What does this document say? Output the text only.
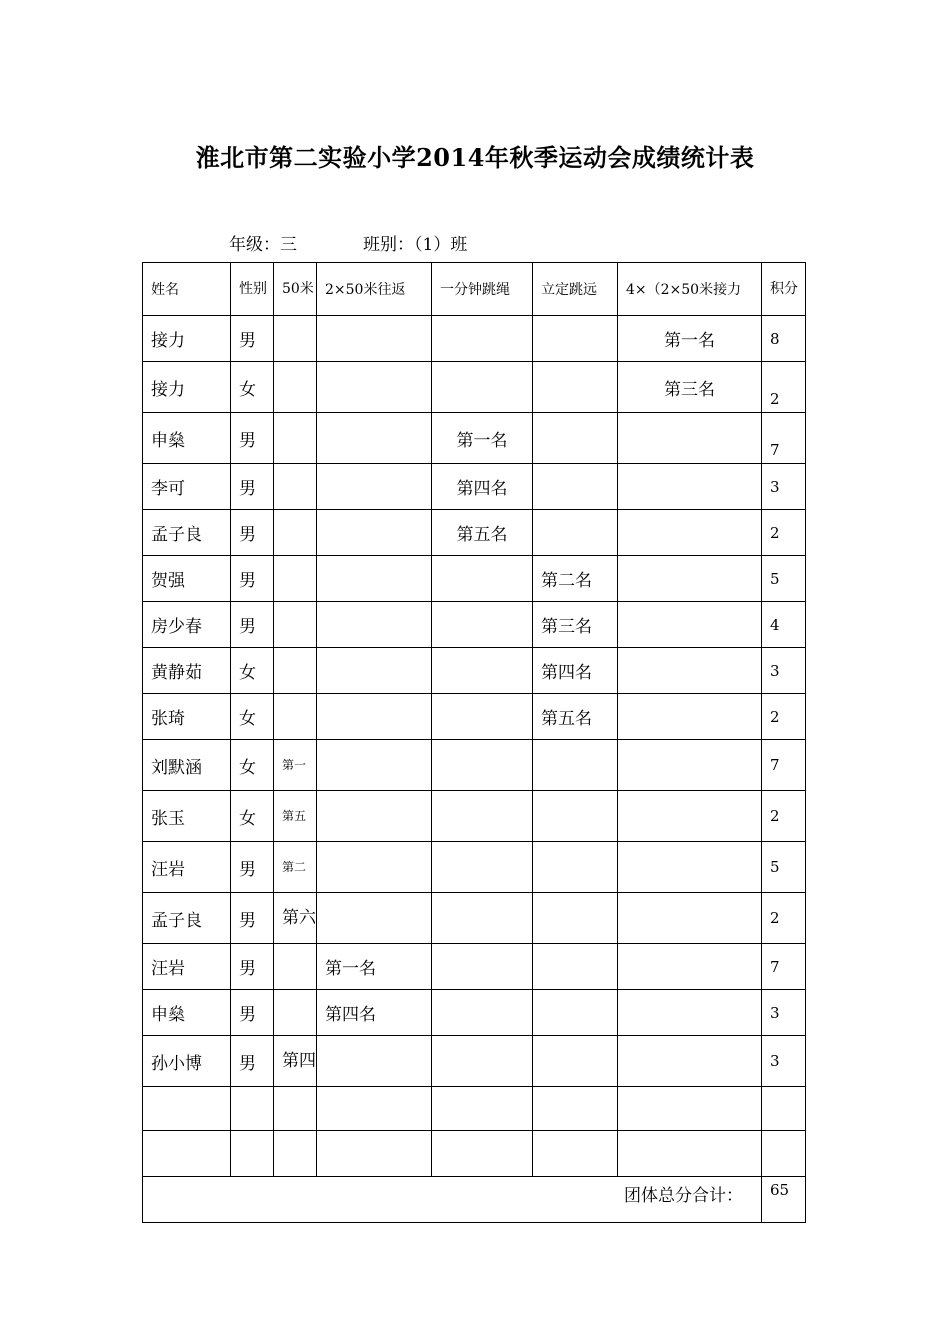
淮北市第二实验小学2014年秋季运动会成绩统计表
年级：三	班别：（1）班
姓名	性别	50米	2×50米往返	一分钟跳绳	立定跳远	4×（2×50米接力	积分
接力	男					第一名	8
接力	女					第三名	2
申燊	男			第一名			7
李可	男			第四名			3
孟子良	男			第五名			2
贺强	男				第二名		5
房少春	男				第三名		4
黄静茹	女				第四名		3
张琦	女				第五名		2
刘默涵	女	第一					7
张玉	女	第五					2
汪岩	男	第二					5
孟子良	男	第六					2
汪岩	男		第一名				7
申燊	男		第四名				3
孙小博	男	第四					3

团体总分合计：							65
